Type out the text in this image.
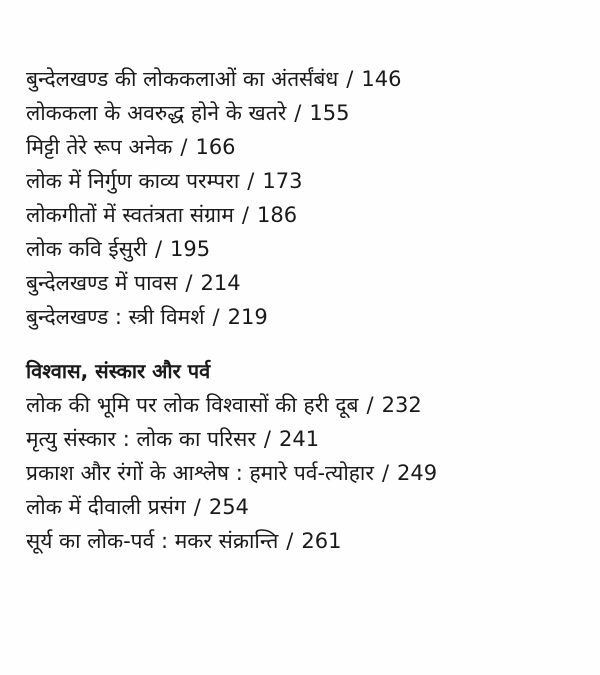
बुन्देलखण्ड की लोककलाओं का अंतर्संबंध / 146
लोककला के अवरुद्ध होने के खतरे / 155
मिट्टी तेरे रूप अनेक / 166
लोक में निर्गुण काव्य परम्परा / 173
लोकगीतों में स्वतंत्रता संग्राम / 186
लोक कवि ईसुरी / 195
बुन्देलखण्ड में पावस / 214
बुन्देलखण्ड : स्त्री विमर्श / 219
विश्वास, संस्कार और पर्व
लोक की भूमि पर लोक विश्वासों की हरी दूब / 232
मृत्यु संस्कार : लोक का परिसर / 241
प्रकाश और रंगों के आश्लेष : हमारे पर्व-त्योहार / 249
लोक में दीवाली प्रसंग / 254
सूर्य का लोक-पर्व : मकर संक्रान्ति / 261
